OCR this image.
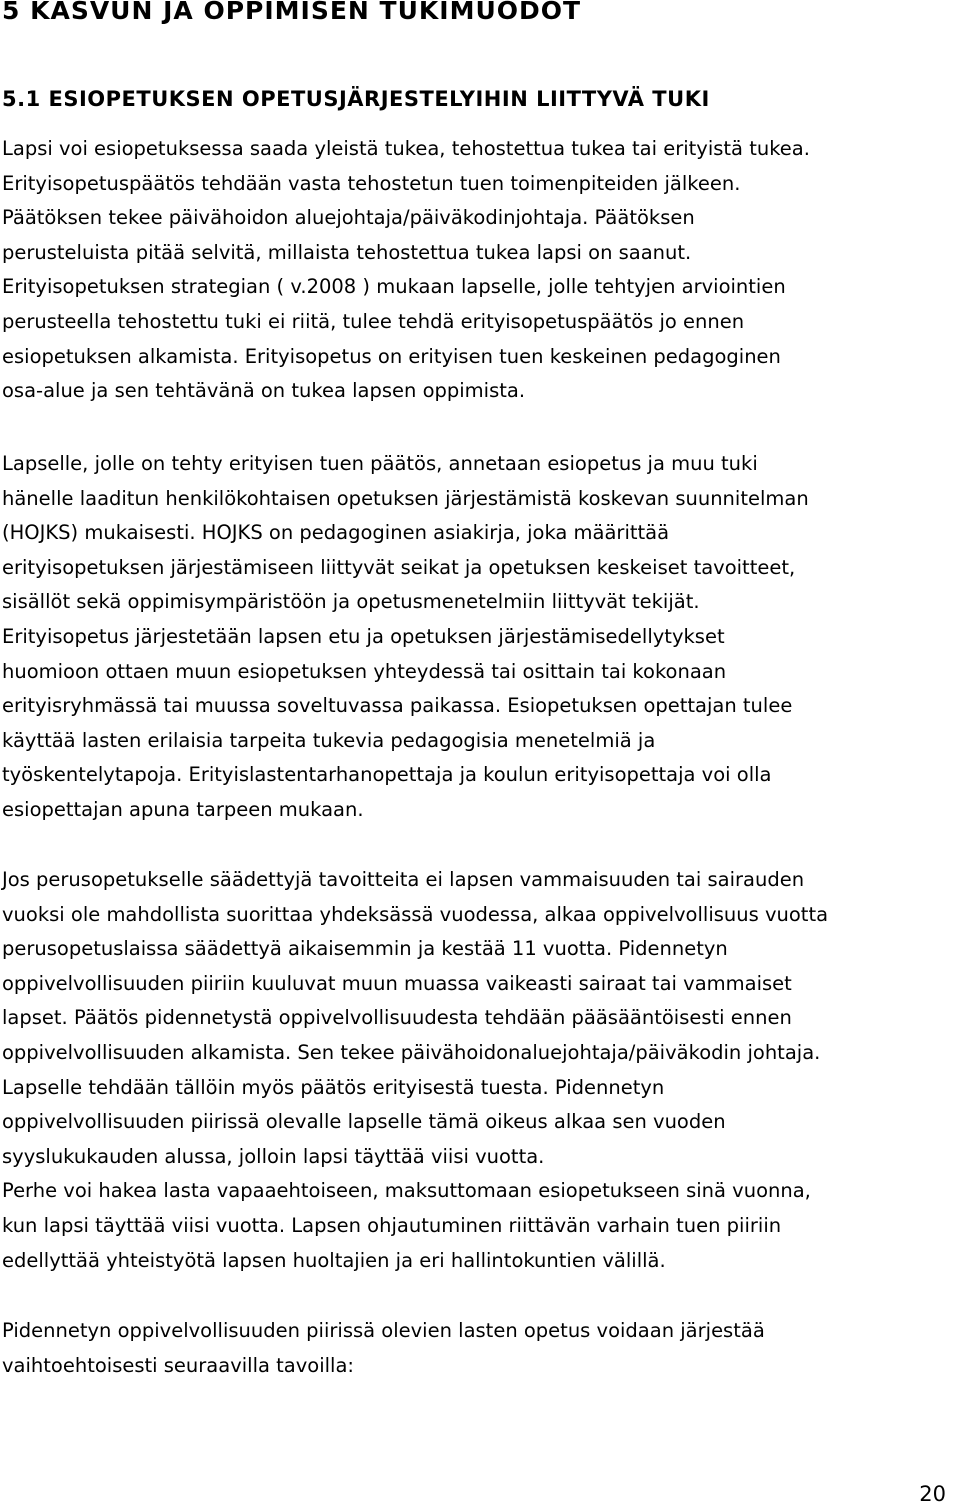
5 KASVUN JA OPPIMISEN TUKIMUODOT
5.1 ESIOPETUKSEN OPETUSJÄRJESTELYIHIN LIITTYVÄ TUKI

Lapsi voi esiopetuksessa saada yleistä tukea, tehostettua tukea tai erityistä tukea.
Erityisopetuspäätös tehdään vasta tehostetun tuen toimenpiteiden jälkeen.
Päätöksen tekee päivähoidon aluejohtaja/päiväkodinjohtaja. Päätöksen
perusteluista pitää selvitä, millaista tehostettua tukea lapsi on saanut.
Erityisopetuksen strategian ( v.2008 ) mukaan lapselle, jolle tehtyjen arviointien
perusteella tehostettu tuki ei riitä, tulee tehdä erityisopetuspäätös jo ennen
esiopetuksen alkamista. Erityisopetus on erityisen tuen keskeinen pedagoginen
osa-alue ja sen tehtävänä on tukea lapsen oppimista.

Lapselle, jolle on tehty erityisen tuen päätös, annetaan esiopetus ja muu tuki
hänelle laaditun henkilökohtaisen opetuksen järjestämistä koskevan suunnitelman
(HOJKS) mukaisesti. HOJKS on pedagoginen asiakirja, joka määrittää
erityisopetuksen järjestämiseen liittyvät seikat ja opetuksen keskeiset tavoitteet,
sisällöt sekä oppimisympäristöön ja opetusmenetelmiin liittyvät tekijät.
Erityisopetus järjestetään lapsen etu ja opetuksen järjestämisedellytykset
huomioon ottaen muun esiopetuksen yhteydessä tai osittain tai kokonaan
erityisryhmässä tai muussa soveltuvassa paikassa. Esiopetuksen opettajan tulee
käyttää lasten erilaisia tarpeita tukevia pedagogisia menetelmiä ja
työskentelytapoja. Erityislastentarhanopettaja ja koulun erityisopettaja voi olla
esiopettajan apuna tarpeen mukaan.

Jos perusopetukselle säädettyjä tavoitteita ei lapsen vammaisuuden tai sairauden
vuoksi ole mahdollista suorittaa yhdeksässä vuodessa, alkaa oppivelvollisuus vuotta
perusopetuslaissa säädettyä aikaisemmin ja kestää 11 vuotta. Pidennetyn
oppivelvollisuuden piiriin kuuluvat muun muassa vaikeasti sairaat tai vammaiset
lapset. Päätös pidennetystä oppivelvollisuudesta tehdään pääsääntöisesti ennen
oppivelvollisuuden alkamista. Sen tekee päivähoidonaluejohtaja/päiväkodin johtaja.
Lapselle tehdään tällöin myös päätös erityisestä tuesta. Pidennetyn
oppivelvollisuuden piirissä olevalle lapselle tämä oikeus alkaa sen vuoden
syyslukukauden alussa, jolloin lapsi täyttää viisi vuotta.
Perhe voi hakea lasta vapaaehtoiseen, maksuttomaan esiopetukseen sinä vuonna,
kun lapsi täyttää viisi vuotta. Lapsen ohjautuminen riittävän varhain tuen piiriin
edellyttää yhteistyötä lapsen huoltajien ja eri hallintokuntien välillä.

Pidennetyn oppivelvollisuuden piirissä olevien lasten opetus voidaan järjestää
vaihtoehtoisesti seuraavilla tavoilla:

20
